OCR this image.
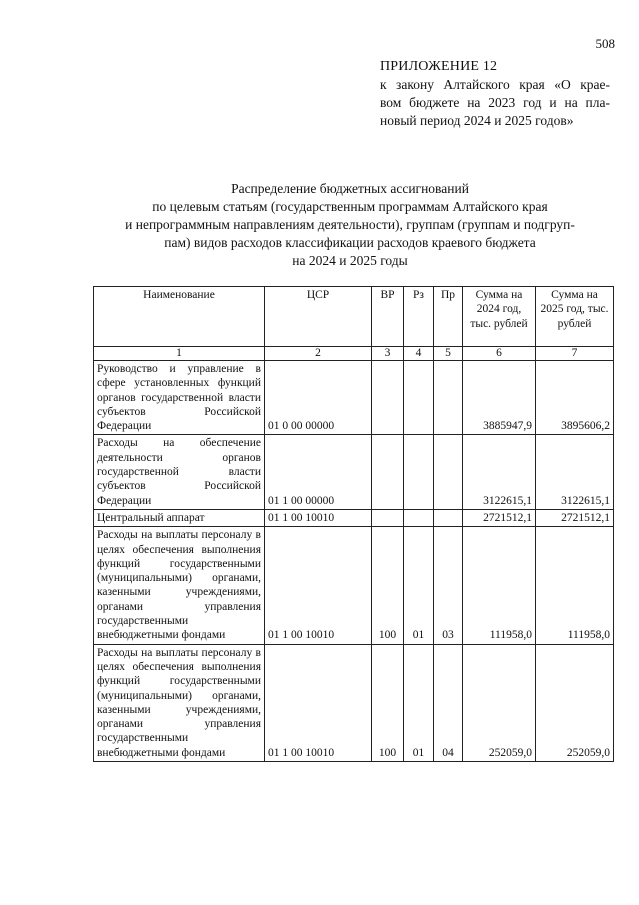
508
ПРИЛОЖЕНИЕ 12
к закону Алтайского края «О крае-
вом бюджете на 2023 год и на пла-
новый период 2024 и 2025 годов»
Распределение бюджетных ассигнований
по целевым статьям (государственным программам Алтайского края
и непрограммным направлениям деятельности), группам (группам и подгруп-
пам) видов расходов классификации расходов краевого бюджета
на 2024 и 2025 годы
Наименование	ЦСР	ВР	Рз	Пр	Сумма на 2024 год, тыс. рублей	Сумма на 2025 год, тыс. рублей
1	2	3	4	5	6	7
Руководство и управление в сфере установленных функций органов государственной власти субъектов Российской Федерации	01 0 00 00000				3885947,9	3895606,2
Расходы на обеспечение деятельности органов государственной власти субъектов Российской Федерации	01 1 00 00000				3122615,1	3122615,1
Центральный аппарат	01 1 00 10010				2721512,1	2721512,1
Расходы на выплаты персоналу в целях обеспечения выполнения функций государственными (муниципальными) органами, казенными учреждениями, органами управления государственными внебюджетными фондами	01 1 00 10010	100	01	03	111958,0	111958,0
Расходы на выплаты персоналу в целях обеспечения выполнения функций государственными (муниципальными) органами, казенными учреждениями, органами управления государственными внебюджетными фондами	01 1 00 10010	100	01	04	252059,0	252059,0
